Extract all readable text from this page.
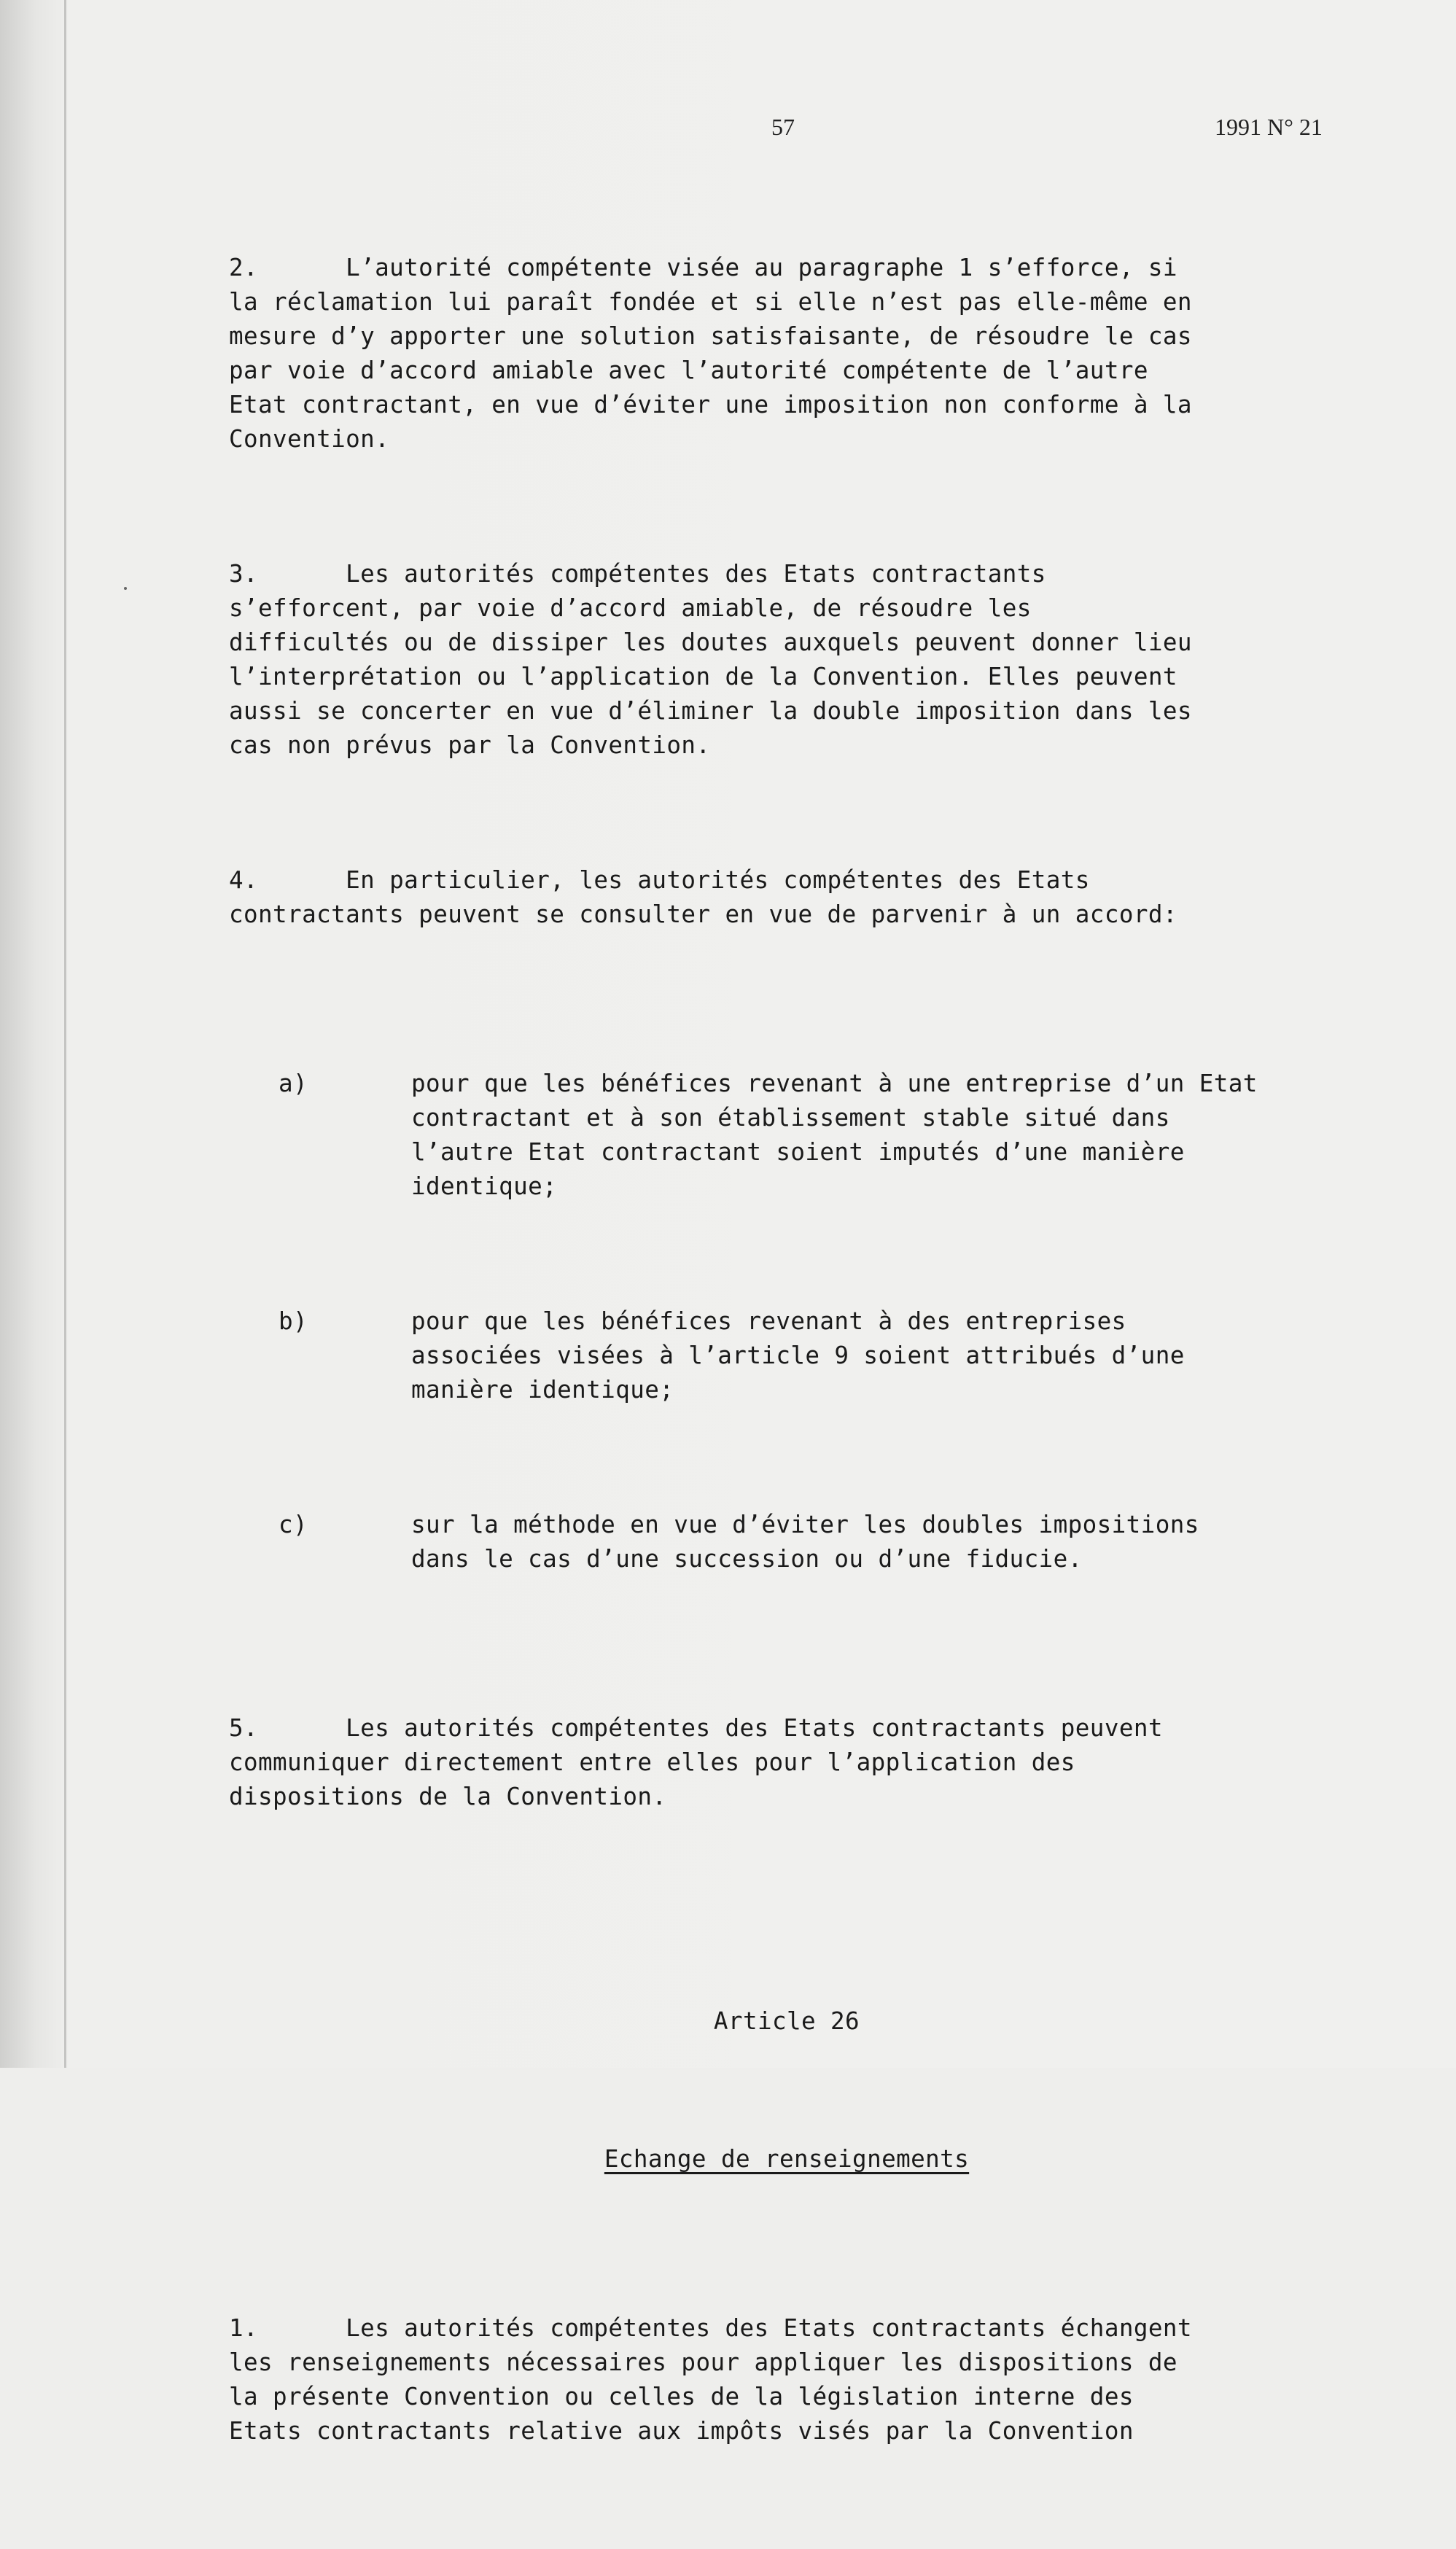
57	1991 N° 21

2.      L’autorité compétente visée au paragraphe 1 s’efforce, si
la réclamation lui paraît fondée et si elle n’est pas elle-même en
mesure d’y apporter une solution satisfaisante, de résoudre le cas
par voie d’accord amiable avec l’autorité compétente de l’autre
Etat contractant, en vue d’éviter une imposition non conforme à la
Convention.

3.      Les autorités compétentes des Etats contractants
s’efforcent, par voie d’accord amiable, de résoudre les
difficultés ou de dissiper les doutes auxquels peuvent donner lieu
l’interprétation ou l’application de la Convention. Elles peuvent
aussi se concerter en vue d’éliminer la double imposition dans les
cas non prévus par la Convention.

4.      En particulier, les autorités compétentes des Etats
contractants peuvent se consulter en vue de parvenir à un accord:

a)	pour que les bénéfices revenant à une entreprise d’un Etat
contractant et à son établissement stable situé dans
l’autre Etat contractant soient imputés d’une manière
identique;

b)	pour que les bénéfices revenant à des entreprises
associées visées à l’article 9 soient attribués d’une
manière identique;

c)	sur la méthode en vue d’éviter les doubles impositions
dans le cas d’une succession ou d’une fiducie.

5.      Les autorités compétentes des Etats contractants peuvent
communiquer directement entre elles pour l’application des
dispositions de la Convention.

Article 26

Echange de renseignements

1.      Les autorités compétentes des Etats contractants échangent
les renseignements nécessaires pour appliquer les dispositions de
la présente Convention ou celles de la législation interne des
Etats contractants relative aux impôts visés par la Convention
